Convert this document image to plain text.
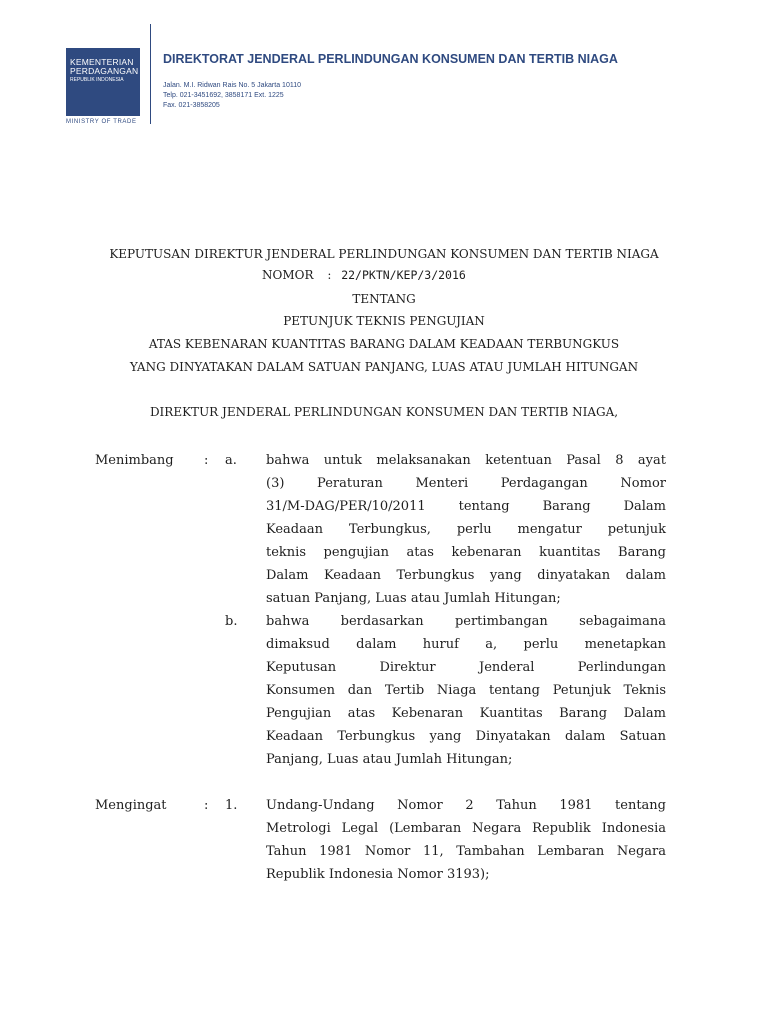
KEMENTERIAN
PERDAGANGAN
REPUBLIK INDONESIA
MINISTRY OF TRADE
DIREKTORAT JENDERAL PERLINDUNGAN KONSUMEN DAN TERTIB NIAGA
Jalan. M.I. Ridwan Rais No. 5 Jakarta 10110
Telp. 021-3451692, 3858171 Ext. 1225
Fax. 021-3858205
KEPUTUSAN DIREKTUR JENDERAL PERLINDUNGAN KONSUMEN DAN TERTIB NIAGA
NOMOR : 22/PKTN/KEP/3/2016
TENTANG
PETUNJUK TEKNIS PENGUJIAN
ATAS KEBENARAN KUANTITAS BARANG DALAM KEADAAN TERBUNGKUS
YANG DINYATAKAN DALAM SATUAN PANJANG, LUAS ATAU JUMLAH HITUNGAN
DIREKTUR JENDERAL PERLINDUNGAN KONSUMEN DAN TERTIB NIAGA,
Menimbang : a. bahwa untuk melaksanakan ketentuan Pasal 8 ayat
(3) Peraturan Menteri Perdagangan Nomor
31/M-DAG/PER/10/2011 tentang Barang Dalam
Keadaan Terbungkus, perlu mengatur petunjuk
teknis pengujian atas kebenaran kuantitas Barang
Dalam Keadaan Terbungkus yang dinyatakan dalam
satuan Panjang, Luas atau Jumlah Hitungan;
b. bahwa berdasarkan pertimbangan sebagaimana
dimaksud dalam huruf a, perlu menetapkan
Keputusan Direktur Jenderal Perlindungan
Konsumen dan Tertib Niaga tentang Petunjuk Teknis
Pengujian atas Kebenaran Kuantitas Barang Dalam
Keadaan Terbungkus yang Dinyatakan dalam Satuan
Panjang, Luas atau Jumlah Hitungan;
Mengingat	: 1. Undang-Undang Nomor 2 Tahun 1981 tentang
Metrologi Legal (Lembaran Negara Republik Indonesia
Tahun 1981 Nomor 11, Tambahan Lembaran Negara
Republik Indonesia Nomor 3193);
